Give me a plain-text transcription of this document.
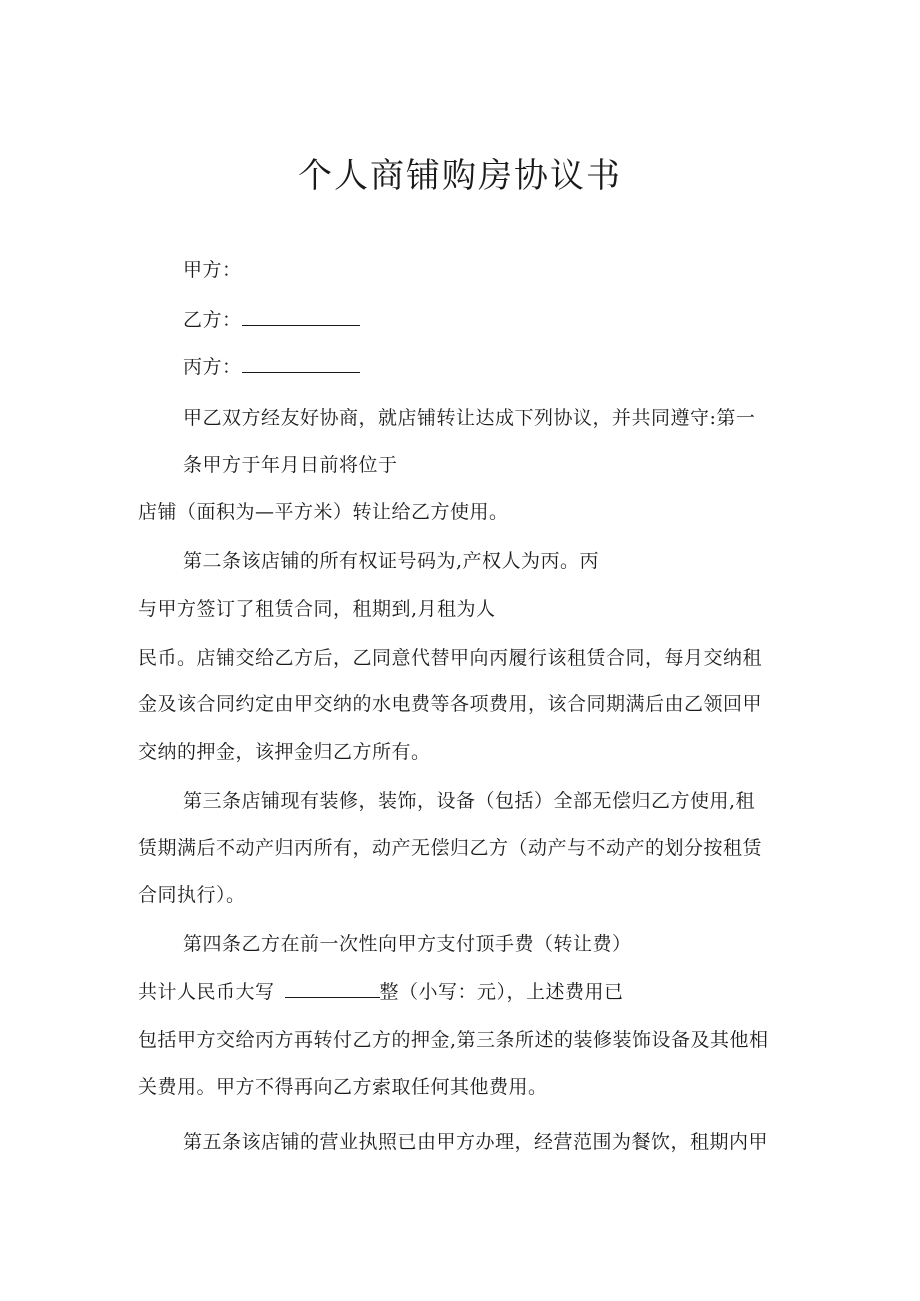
个人商铺购房协议书
甲方：
乙方：
丙方：
甲乙双方经友好协商，就店铺转让达成下列协议，并共同遵守:第一
条甲方于年月日前将位于
店铺（面积为—平方米）转让给乙方使用。
第二条该店铺的所有权证号码为,产权人为丙。丙
与甲方签订了租赁合同，租期到,月租为人
民币。店铺交给乙方后，乙同意代替甲向丙履行该租赁合同，每月交纳租
金及该合同约定由甲交纳的水电费等各项费用，该合同期满后由乙领回甲
交纳的押金，该押金归乙方所有。
第三条店铺现有装修，装饰，设备（包括）全部无偿归乙方使用,租
赁期满后不动产归丙所有，动产无偿归乙方（动产与不动产的划分按租赁
合同执行）。
第四条乙方在前一次性向甲方支付顶手费（转让费）
共计人民币大写	整（小写：元），上述费用已
包括甲方交给丙方再转付乙方的押金,第三条所述的装修装饰设备及其他相
关费用。甲方不得再向乙方索取任何其他费用。
第五条该店铺的营业执照已由甲方办理，经营范围为餐饮，租期内甲
